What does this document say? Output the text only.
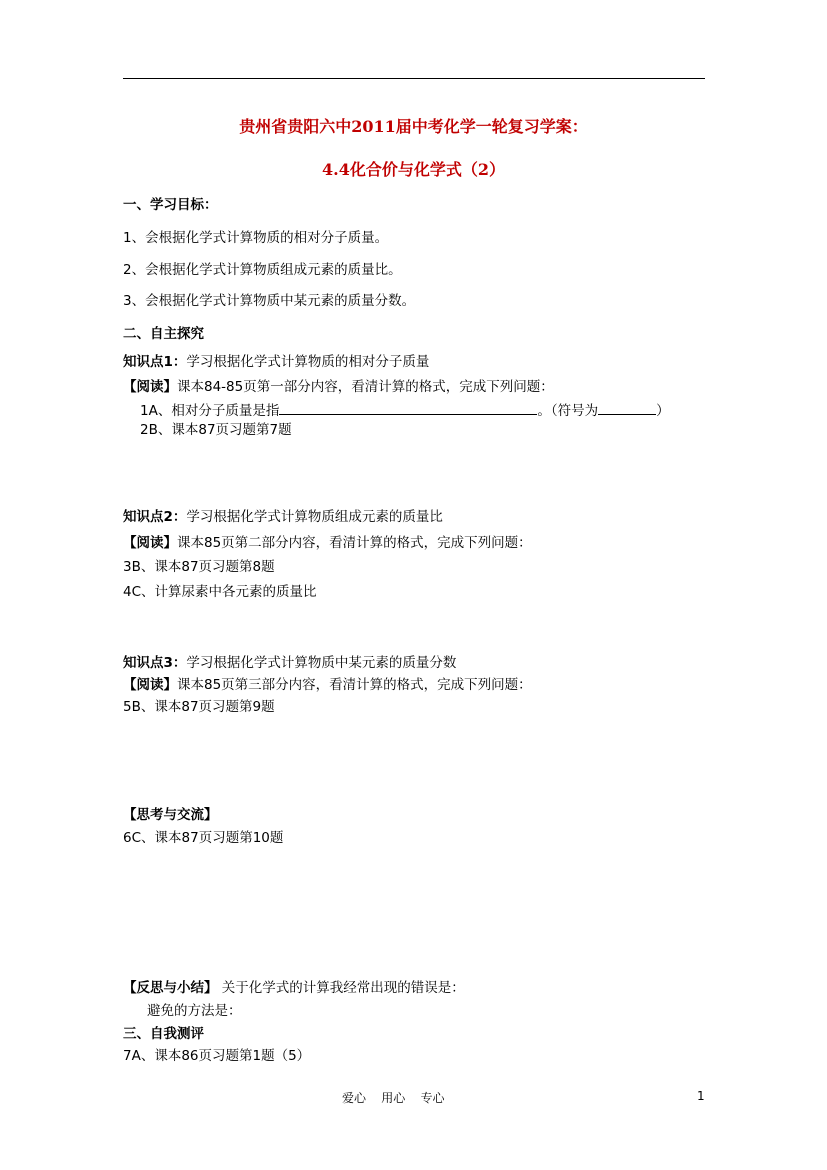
贵州省贵阳六中2011届中考化学一轮复习学案：
4.4化合价与化学式（2）
一、学习目标：
1、会根据化学式计算物质的相对分子质量。
2、会根据化学式计算物质组成元素的质量比。
3、会根据化学式计算物质中某元素的质量分数。
二、自主探究
知识点1：学习根据化学式计算物质的相对分子质量
【阅读】课本84-85页第一部分内容，看清计算的格式，完成下列问题：
1A、相对分子质量是指	。（符号为	）
2B、课本87页习题第7题
知识点2：学习根据化学式计算物质组成元素的质量比
【阅读】课本85页第二部分内容，看清计算的格式，完成下列问题：
3B、课本87页习题第8题
4C、计算尿素中各元素的质量比
知识点3：学习根据化学式计算物质中某元素的质量分数
【阅读】课本85页第三部分内容，看清计算的格式，完成下列问题：
5B、课本87页习题第9题
【思考与交流】
6C、课本87页习题第10题
【反思与小结】 关于化学式的计算我经常出现的错误是：
避免的方法是：
三、自我测评
7A、课本86页习题第1题（5）
爱心    用心    专心	1
